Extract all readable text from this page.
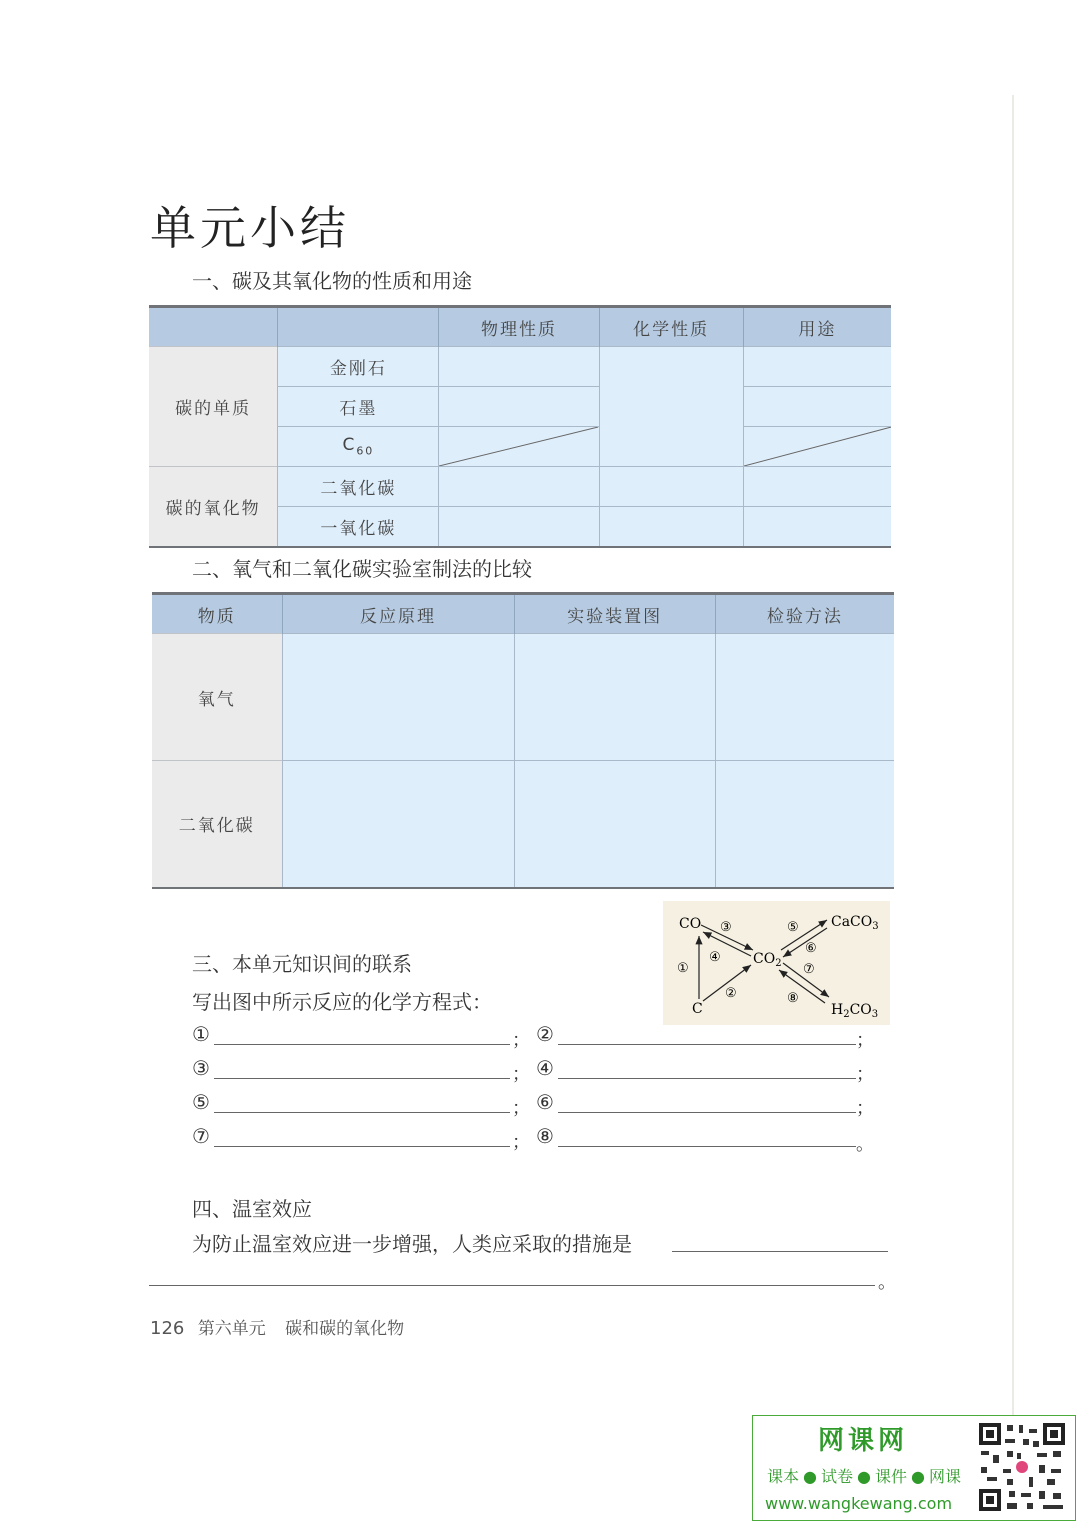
单元小结
一、碳及其氧化物的性质和用途
		物理性质	化学性质	用途
碳的单质	金刚石			
	石墨			
	$C_{60}$	

碳的氧化物	二氧化碳			
	一氧化碳			
二、氧气和二氧化碳实验室制法的比较
物质	反应原理	实验装置图	检验方法
氧气			
二氧化碳			
三、本单元知识间的联系
写出图中所示反应的化学方程式：
CO
$CO_2$
C
CaCO$_3$
$H_2CO_3$
①
②
③
④
⑤
⑥
⑦
⑧
①	； ②	；
③	； ④	；
⑤	； ⑥	；
⑦	； ⑧	。
四、温室效应
为防止温室效应进一步增强，人类应采取的措施是
。
126 第六单元 碳和碳的氧化物
网课网
课本 ● 试卷 ● 课件 ● 网课
www.wangkewang.com
